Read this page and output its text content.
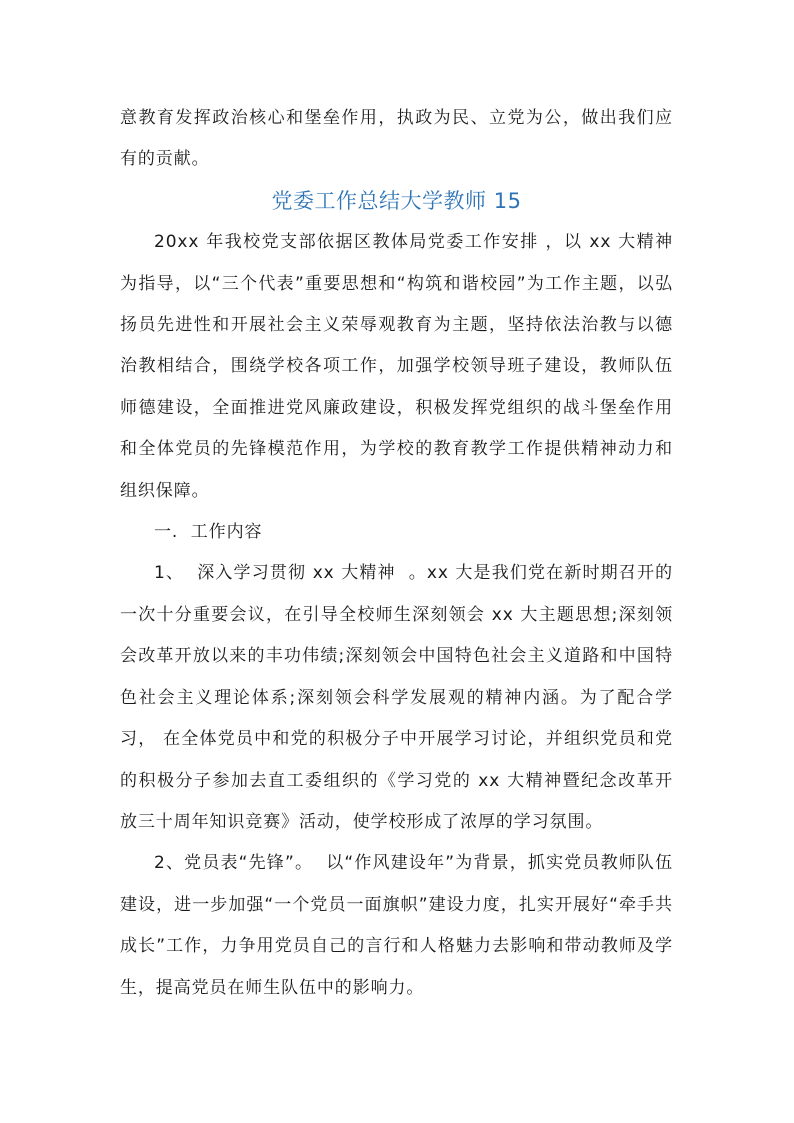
意教育发挥政治核心和堡垒作用，执政为民、立党为公，做出我们应有的贡献。

党委工作总结大学教师 15

20xx 年我校党支部依据区教体局党委工作安排 ，以 xx 大精神为指导，以“三个代表”重要思想和“构筑和谐校园”为工作主题，以弘扬员先进性和开展社会主义荣辱观教育为主题，坚持依法治教与以德治教相结合，围绕学校各项工作，加强学校领导班子建设，教师队伍师德建设，全面推进党风廉政建设，积极发挥党组织的战斗堡垒作用和全体党员的先锋模范作用，为学校的教育教学工作提供精神动力和组织保障。

一.  工作内容

1、  深入学习贯彻 xx 大精神  。xx 大是我们党在新时期召开的一次十分重要会议，在引导全校师生深刻领会 xx 大主题思想;深刻领会改革开放以来的丰功伟绩;深刻领会中国特色社会主义道路和中国特色社会主义理论体系;深刻领会科学发展观的精神内涵。为了配合学习， 在全体党员中和党的积极分子中开展学习讨论，并组织党员和党的积极分子参加去直工委组织的《学习党的 xx 大精神暨纪念改革开放三十周年知识竞赛》活动，使学校形成了浓厚的学习氛围。

2、党员表“先锋”。  以“作风建设年”为背景，抓实党员教师队伍建设，进一步加强“一个党员一面旗帜”建设力度，扎实开展好“牵手共成长”工作，力争用党员自己的言行和人格魅力去影响和带动教师及学生，提高党员在师生队伍中的影响力。
